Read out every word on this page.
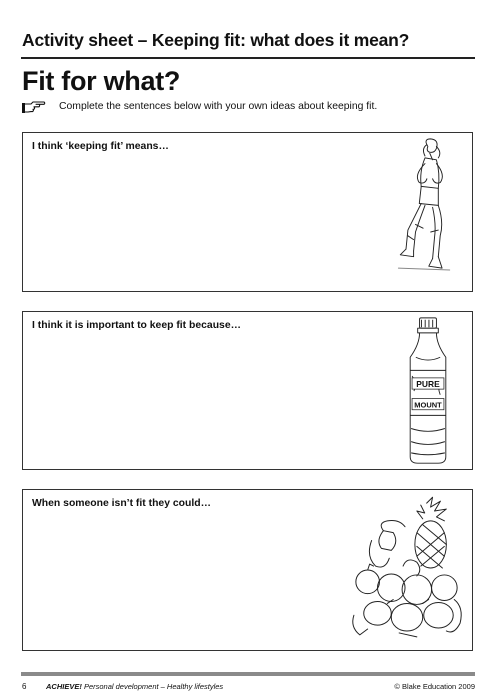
Activity sheet – Keeping fit: what does it mean?
Fit for what?
Complete the sentences below with your own ideas about keeping fit.
I think ‘keeping fit’ means…
I think it is important to keep fit because…
PURE
MOUNT
When someone isn’t fit they could…
6	ACHIEVE! Personal development – Healthy lifestyles	© Blake Education 2009
